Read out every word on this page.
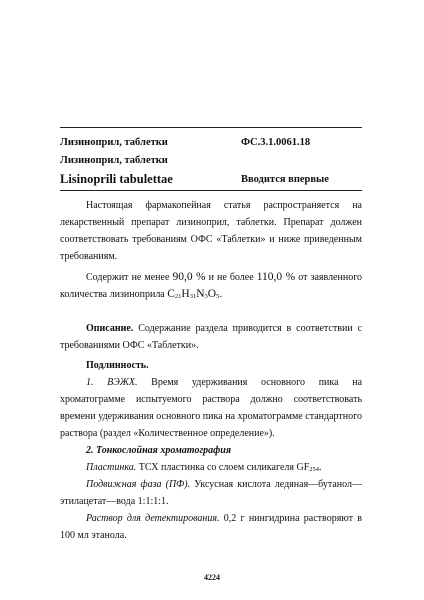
Лизиноприл, таблетки	ФС.3.1.0061.18
Лизиноприл, таблетки
Lisinoprili tabulettae	Вводится впервые

Настоящая фармакопейная статья распространяется на лекарственный препарат лизиноприл, таблетки. Препарат должен соответствовать требованиям ОФС «Таблетки» и ниже приведенным требованиям.

Содержит не менее 90,0 % и не более 110,0 % от заявленного количества лизиноприла $C_{21}H_{31}N_3O_5$.

Описание. Содержание раздела приводится в соответствии с требованиями ОФС «Таблетки».

Подлинность.

1. ВЭЖХ. Время удерживания основного пика на хроматограмме испытуемого раствора должно соответствовать времени удерживания основного пика на хроматограмме стандартного раствора (раздел «Количественное определение»).

2. Тонкослойная хроматография

Пластинка. ТСХ пластинка со слоем силикагеля $GF_{254}$.

Подвижная фаза (ПФ). Уксусная кислота ледяная—бутанол—этилацетат—вода 1:1:1:1.

Раствор для детектирования. 0,2 г нингидрина растворяют в 100 мл этанола.

4224
